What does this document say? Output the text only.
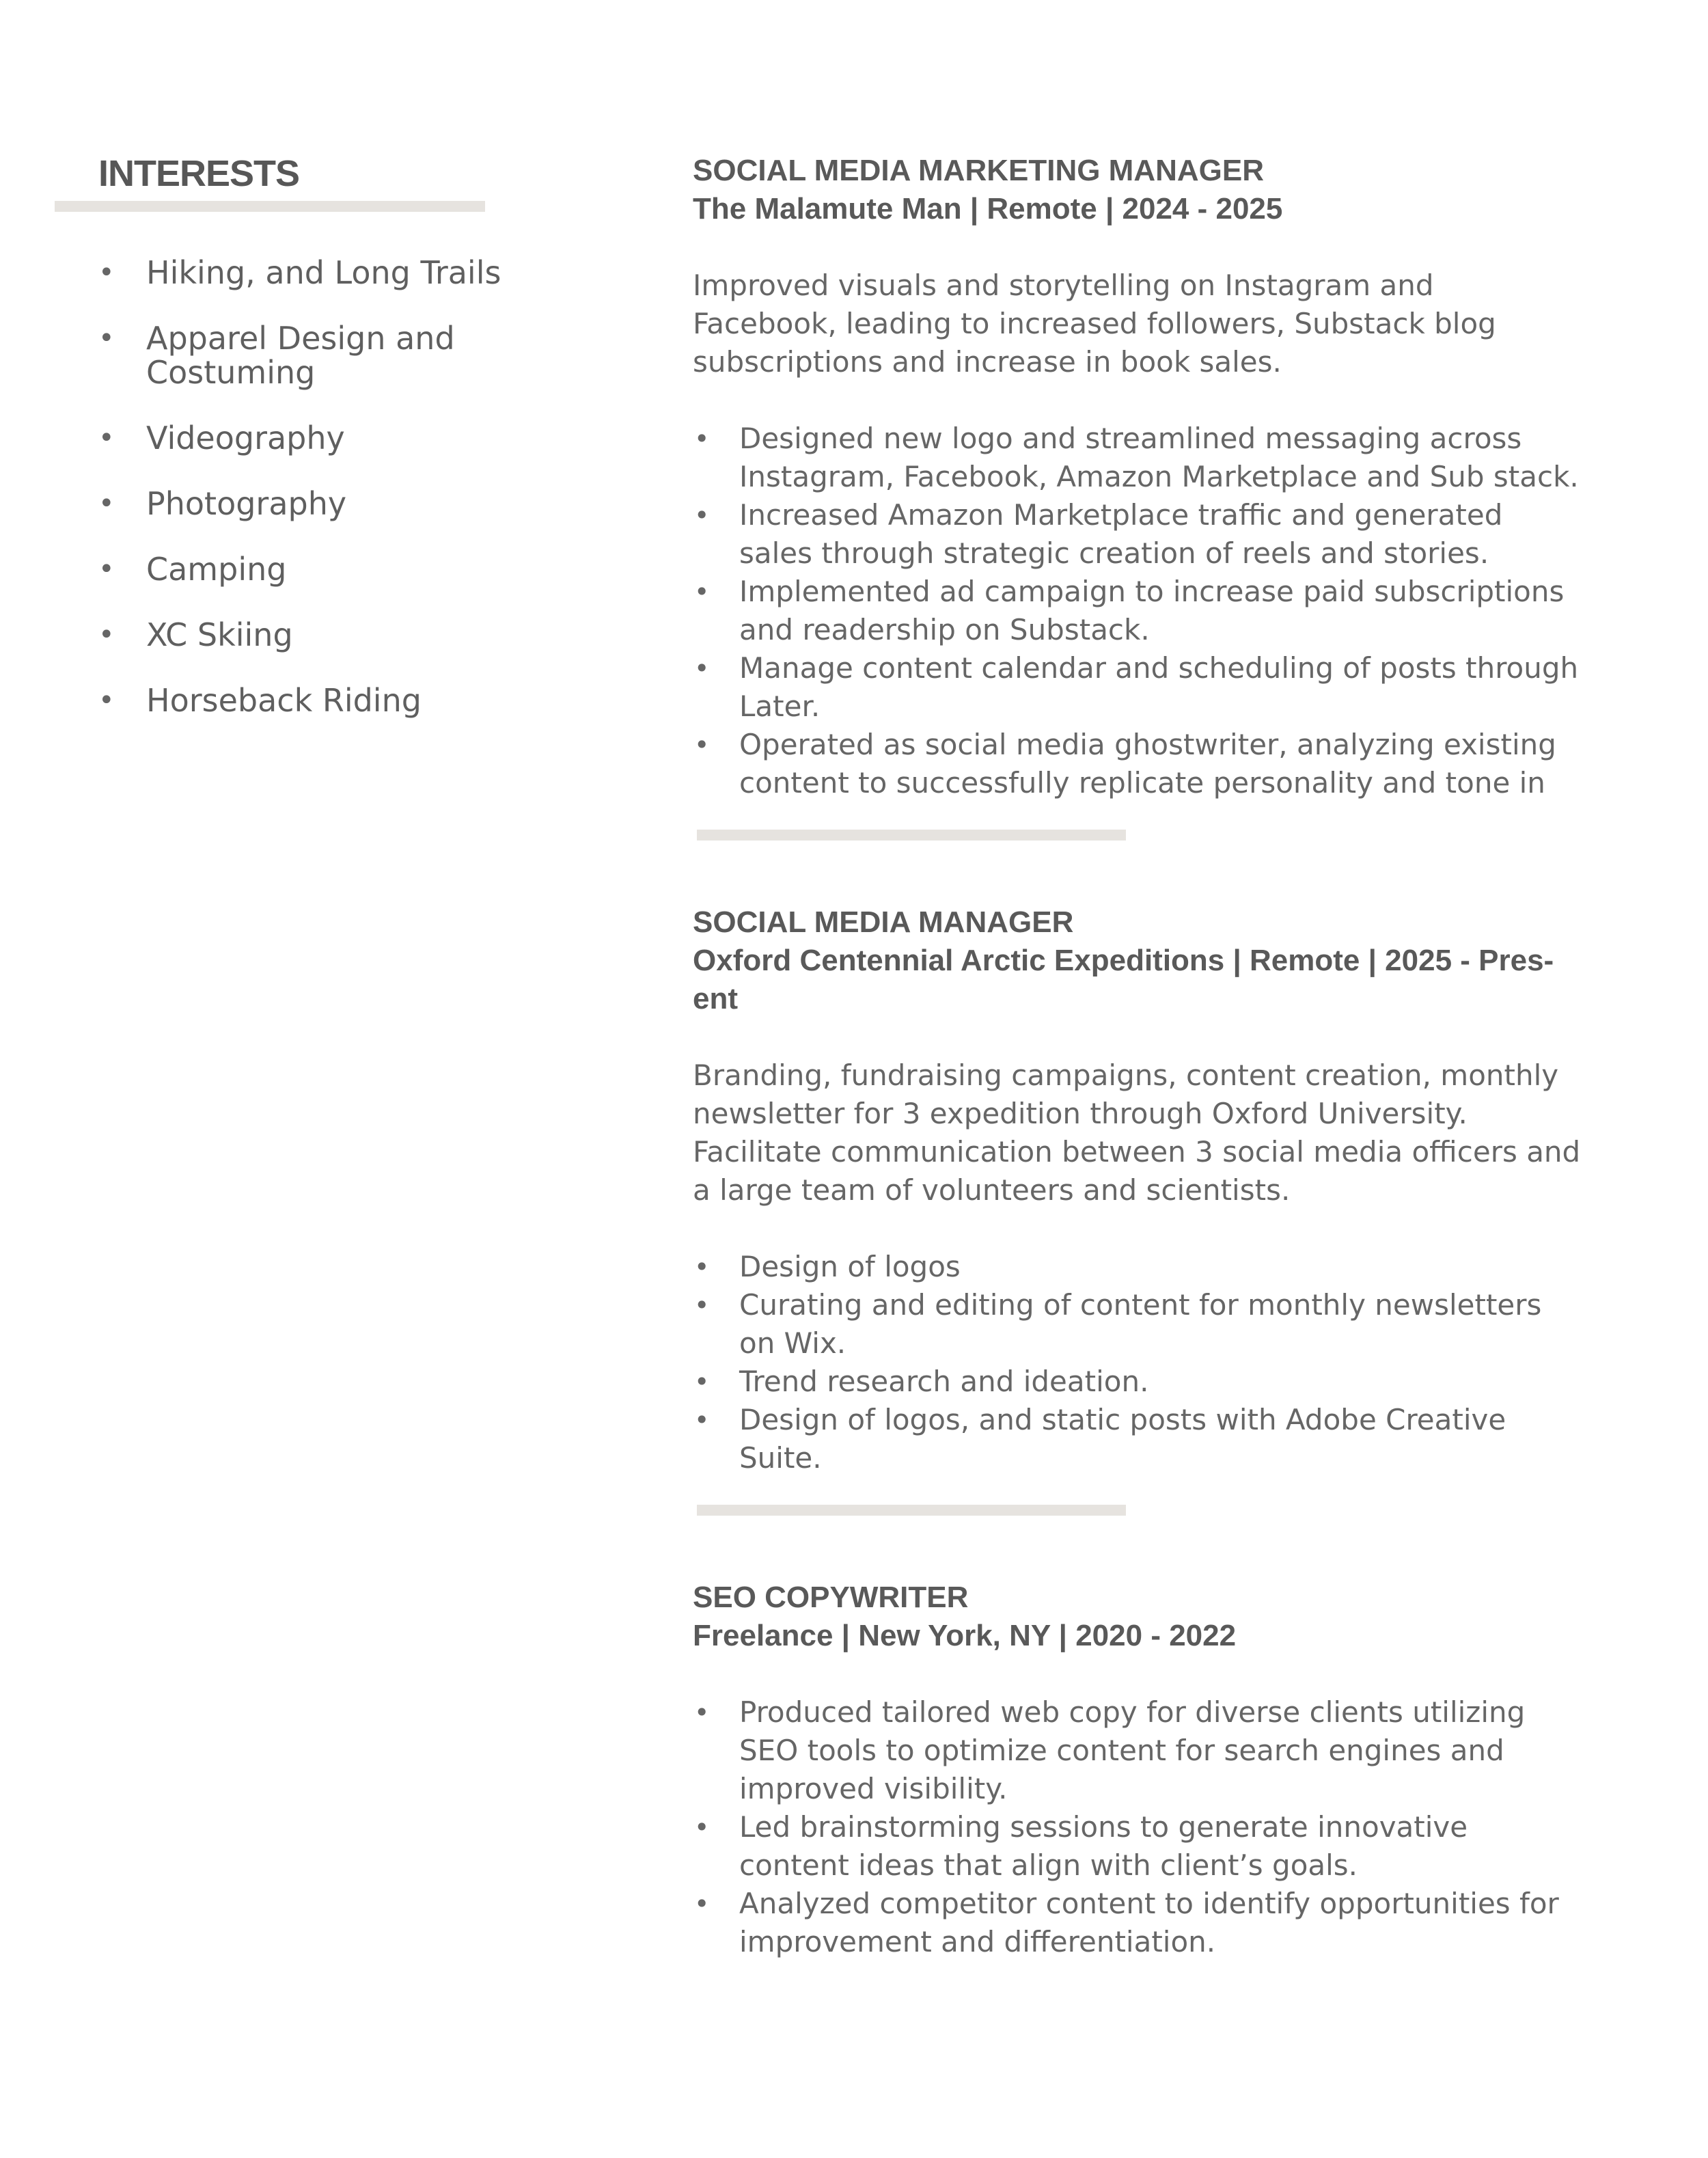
INTERESTS
• Hiking, and Long Trails
• Apparel Design and Costuming
• Videography
• Photography
• Camping
• XC Skiing
• Horseback Riding
SOCIAL MEDIA MARKETING MANAGER

The Malamute Man | Remote | 2024 - 2025

Improved visuals and storytelling on Instagram and Facebook, leading to increased followers, Substack blog subscriptions and increase in book sales.

• Designed new logo and streamlined messaging across Instagram, Facebook, Amazon Marketplace and Sub stack.
• Increased Amazon Marketplace traffic and generated sales through strategic creation of reels and stories.
• Implemented ad campaign to increase paid subscriptions and readership on Substack.
• Manage content calendar and scheduling of posts through Later.
• Operated as social media ghostwriter, analyzing existing content to successfully replicate personality and tone in
SOCIAL MEDIA MANAGER

Oxford Centennial Arctic Expeditions | Remote | 2025 - Pres-ent

Branding, fundraising campaigns, content creation, monthly newsletter for 3 expedition through Oxford University. Facilitate communication between 3 social media officers and a large team of volunteers and scientists.

• Design of logos
• Curating and editing of content for monthly newsletters on Wix.
• Trend research and ideation.
• Design of logos, and static posts with Adobe Creative Suite.
SEO COPYWRITER

Freelance | New York, NY | 2020 - 2022

• Produced tailored web copy for diverse clients utilizing SEO tools to optimize content for search engines and improved visibility.
• Led brainstorming sessions to generate innovative content ideas that align with client’s goals.
• Analyzed competitor content to identify opportunities for improvement and differentiation.
